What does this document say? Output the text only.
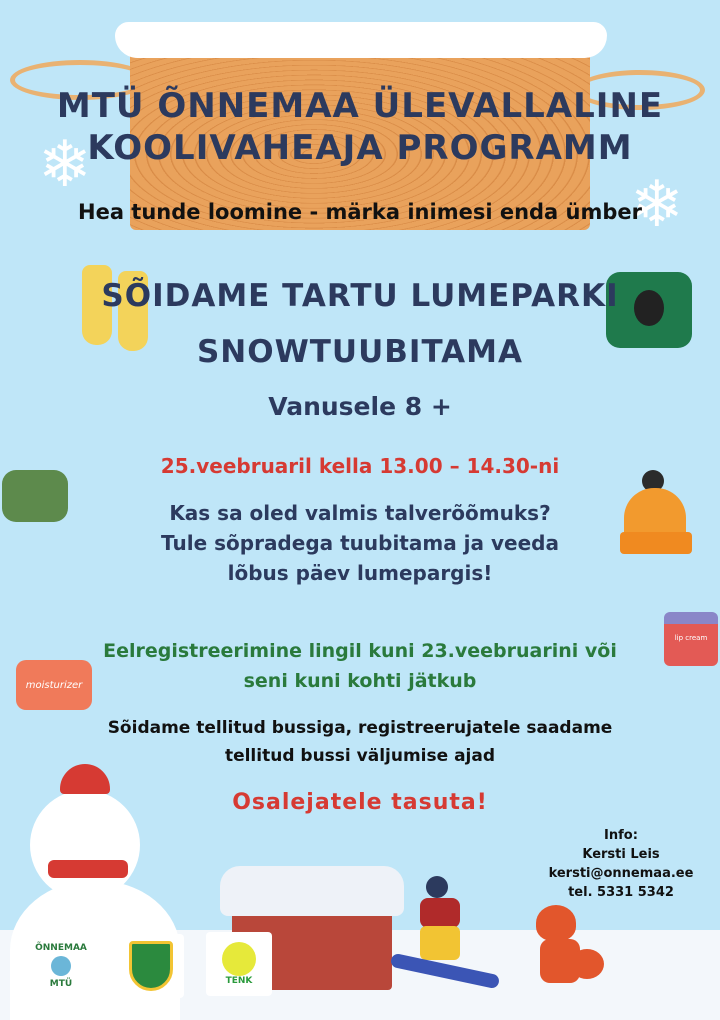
❄
❄
MTÜ ÕNNEMAA ÜLEVALLALINE
KOOLIVAHEAJA PROGRAMM
Hea tunde loomine - märka inimesi enda ümber
SÕIDAME TARTU LUMEPARKI
SNOWTUUBITAMA
Vanusele 8 +
25.veebruaril kella 13.00 – 14.30-ni
Kas sa oled valmis talverõõmuks?
Tule sõpradega tuubitama ja veeda
lõbus päev lumepargis!
lip cream
moisturizer
Eelregistreerimine lingil kuni 23.veebruarini või
seni kuni kohti jätkub
Sõidame tellitud bussiga, registreerujatele saadame
tellitud bussi väljumise ajad
Osalejatele tasuta!
Info:
Kersti Leis
kersti@onnemaa.ee
tel. 5331 5342
ÕNNEMAA
MTÜ	TENK
